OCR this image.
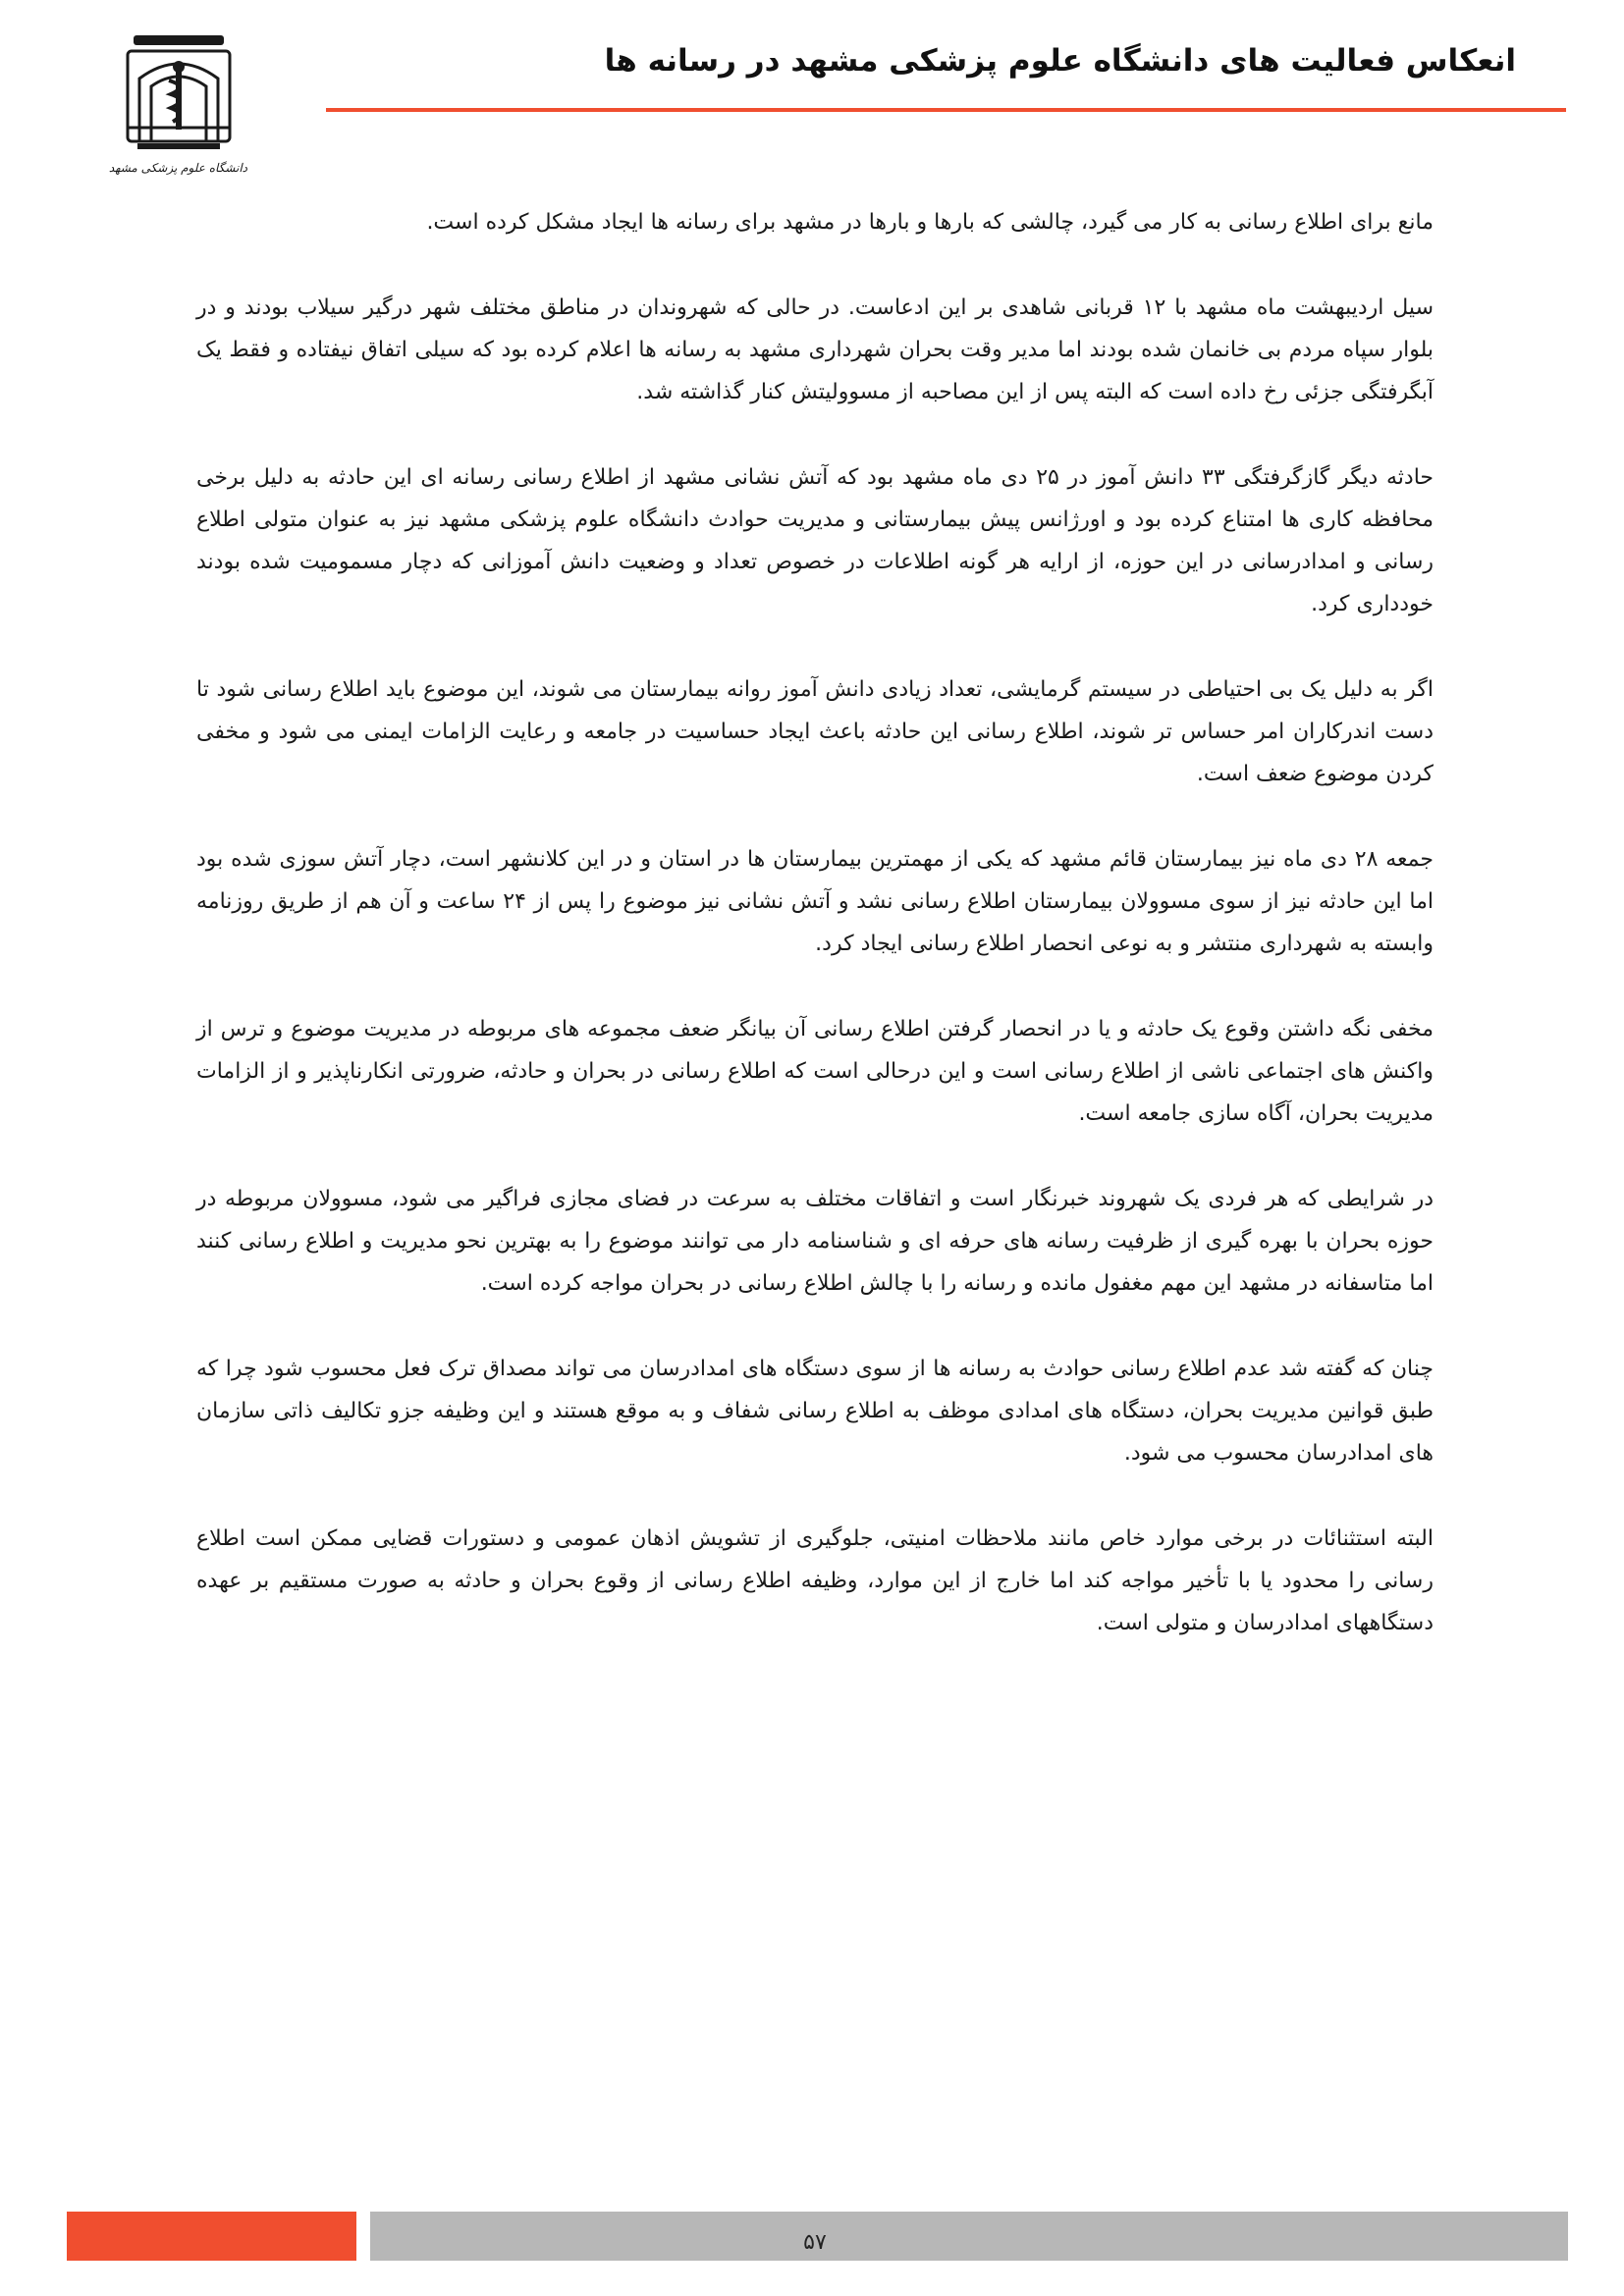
دانشگاه علوم پزشکی مشهد
انعکاس فعالیت های دانشگاه علوم پزشکی مشهد در رسانه ها

مانع برای اطلاع رسانی به کار می گیرد، چالشی که بارها و بارها در مشهد برای رسانه ها ایجاد مشکل کرده است.

سیل اردیبهشت ماه مشهد با ۱۲ قربانی شاهدی بر این ادعاست. در حالی که شهروندان در مناطق مختلف شهر درگیر سیلاب بودند و در بلوار سپاه مردم بی خانمان شده بودند اما مدیر وقت بحران شهرداری مشهد به رسانه ها اعلام کرده بود که سیلی اتفاق نیفتاده و فقط یک آبگرفتگی جزئی رخ داده است که البته پس از این مصاحبه از مسوولیتش کنار گذاشته شد.

حادثه دیگر گازگرفتگی ۳۳ دانش آموز در ۲۵ دی ماه مشهد بود که آتش نشانی مشهد از اطلاع رسانی رسانه ای این حادثه به دلیل برخی محافظه کاری ها امتناع کرده بود و اورژانس پیش بیمارستانی و مدیریت حوادث دانشگاه علوم پزشکی مشهد نیز به عنوان متولی اطلاع رسانی و امدادرسانی در این حوزه، از ارایه هر گونه اطلاعات در خصوص تعداد و وضعیت دانش آموزانی که دچار مسمومیت شده بودند خودداری کرد.

اگر به دلیل یک بی احتیاطی در سیستم گرمایشی، تعداد زیادی دانش آموز روانه بیمارستان می شوند، این موضوع باید اطلاع رسانی شود تا دست اندرکاران امر حساس تر شوند، اطلاع رسانی این حادثه باعث ایجاد حساسیت در جامعه و رعایت الزامات ایمنی می شود و مخفی کردن موضوع ضعف است.

جمعه ۲۸ دی ماه نیز بیمارستان قائم مشهد که یکی از مهمترین بیمارستان ها در استان و در این کلانشهر است، دچار آتش سوزی شده بود اما این حادثه نیز از سوی مسوولان بیمارستان اطلاع رسانی نشد و آتش نشانی نیز موضوع را پس از ۲۴ ساعت و آن هم از طریق روزنامه وابسته به شهرداری منتشر و به نوعی انحصار اطلاع رسانی ایجاد کرد.

مخفی نگه داشتن وقوع یک حادثه و یا در انحصار گرفتن اطلاع رسانی آن بیانگر ضعف مجموعه های مربوطه در مدیریت موضوع و ترس از واکنش های اجتماعی ناشی از اطلاع رسانی است و این درحالی است که اطلاع رسانی در بحران و حادثه، ضرورتی انکارناپذیر و از الزامات مدیریت بحران، آگاه سازی جامعه است.

در شرایطی که هر فردی یک شهروند خبرنگار است و اتفاقات مختلف به سرعت در فضای مجازی فراگیر می شود، مسوولان مربوطه در حوزه بحران با بهره گیری از ظرفیت رسانه های حرفه ای و شناسنامه دار می توانند موضوع را به بهترین نحو مدیریت و اطلاع رسانی کنند اما متاسفانه در مشهد این مهم مغفول مانده و رسانه را با چالش اطلاع رسانی در بحران مواجه کرده است.

چنان که گفته شد عدم اطلاع رسانی حوادث به رسانه ها از سوی دستگاه های امدادرسان می تواند مصداق ترک فعل محسوب شود چرا که طبق قوانین مدیریت بحران، دستگاه های امدادی موظف به اطلاع رسانی شفاف و به موقع هستند و این وظیفه جزو تکالیف ذاتی سازمان های امدادرسان محسوب می شود.

البته استثنائات در برخی موارد خاص مانند ملاحظات امنیتی، جلوگیری از تشویش اذهان عمومی و دستورات قضایی ممکن است اطلاع رسانی را محدود یا با تأخیر مواجه کند اما خارج از این موارد، وظیفه اطلاع رسانی از وقوع بحران و حادثه به صورت مستقیم بر عهده دستگاههای امدادرسان و متولی است.

۵۷
